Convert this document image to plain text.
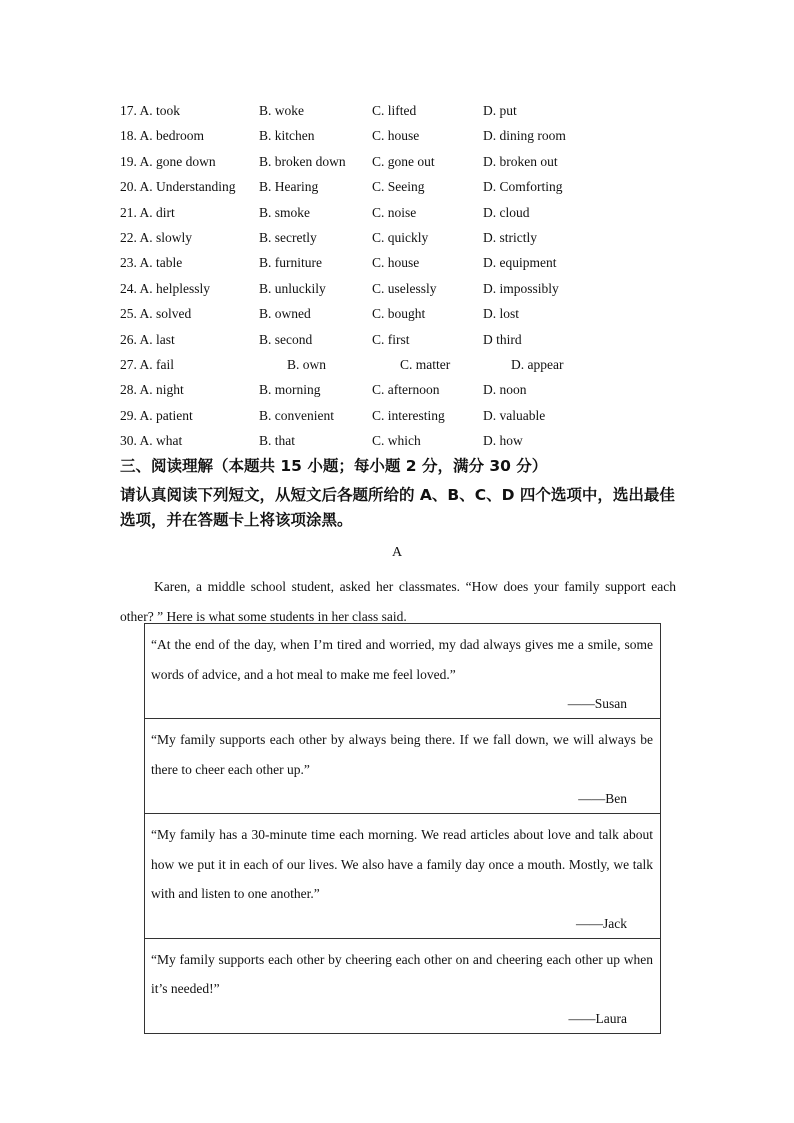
17. A. took	B. woke	C. lifted	D. put
18. A. bedroom	B. kitchen	C. house	D. dining room
19. A. gone down	B. broken down C. gone out	D. broken out
20. A. Understanding B. Hearing	C. Seeing	D. Comforting
21. A. dirt	B. smoke	C. noise	D. cloud
22. A. slowly	B. secretly	C. quickly	D. strictly
23. A. table	B. furniture	C. house	D. equipment
24. A. helplessly	B. unluckily	C. uselessly	D. impossibly
25. A. solved	B. owned	C. bought	D. lost
26. A. last	B. second	C. first	D third
27. A. fail	B. own	C. matter	D. appear
28. A. night	B. morning	C. afternoon	D. noon
29. A. patient	B. convenient	C. interesting	D. valuable
30. A. what	B. that	C. which	D. how
三、阅读理解（本题共 15 小题；每小题 2 分，满分 30 分）
请认真阅读下列短文，从短文后各题所给的 A、B、C、D 四个选项中，选出最佳选项，并在答题卡上将该项涂黑。
A
Karen, a middle school student, asked her classmates. “How does your family support each other? ” Here is what some students in her class said.
“At the end of the day, when I’m tired and worried, my dad always gives me a smile, some words of advice, and a hot meal to make me feel loved.”
——Susan
“My family supports each other by always being there. If we fall down, we will always be there to cheer each other up.”
——Ben
“My family has a 30-minute time each morning. We read articles about love and talk about how we put it in each of our lives. We also have a family day once a mouth. Mostly, we talk with and listen to one another.”
——Jack
“My family supports each other by cheering each other on and cheering each other up when it’s needed!”
——Laura
